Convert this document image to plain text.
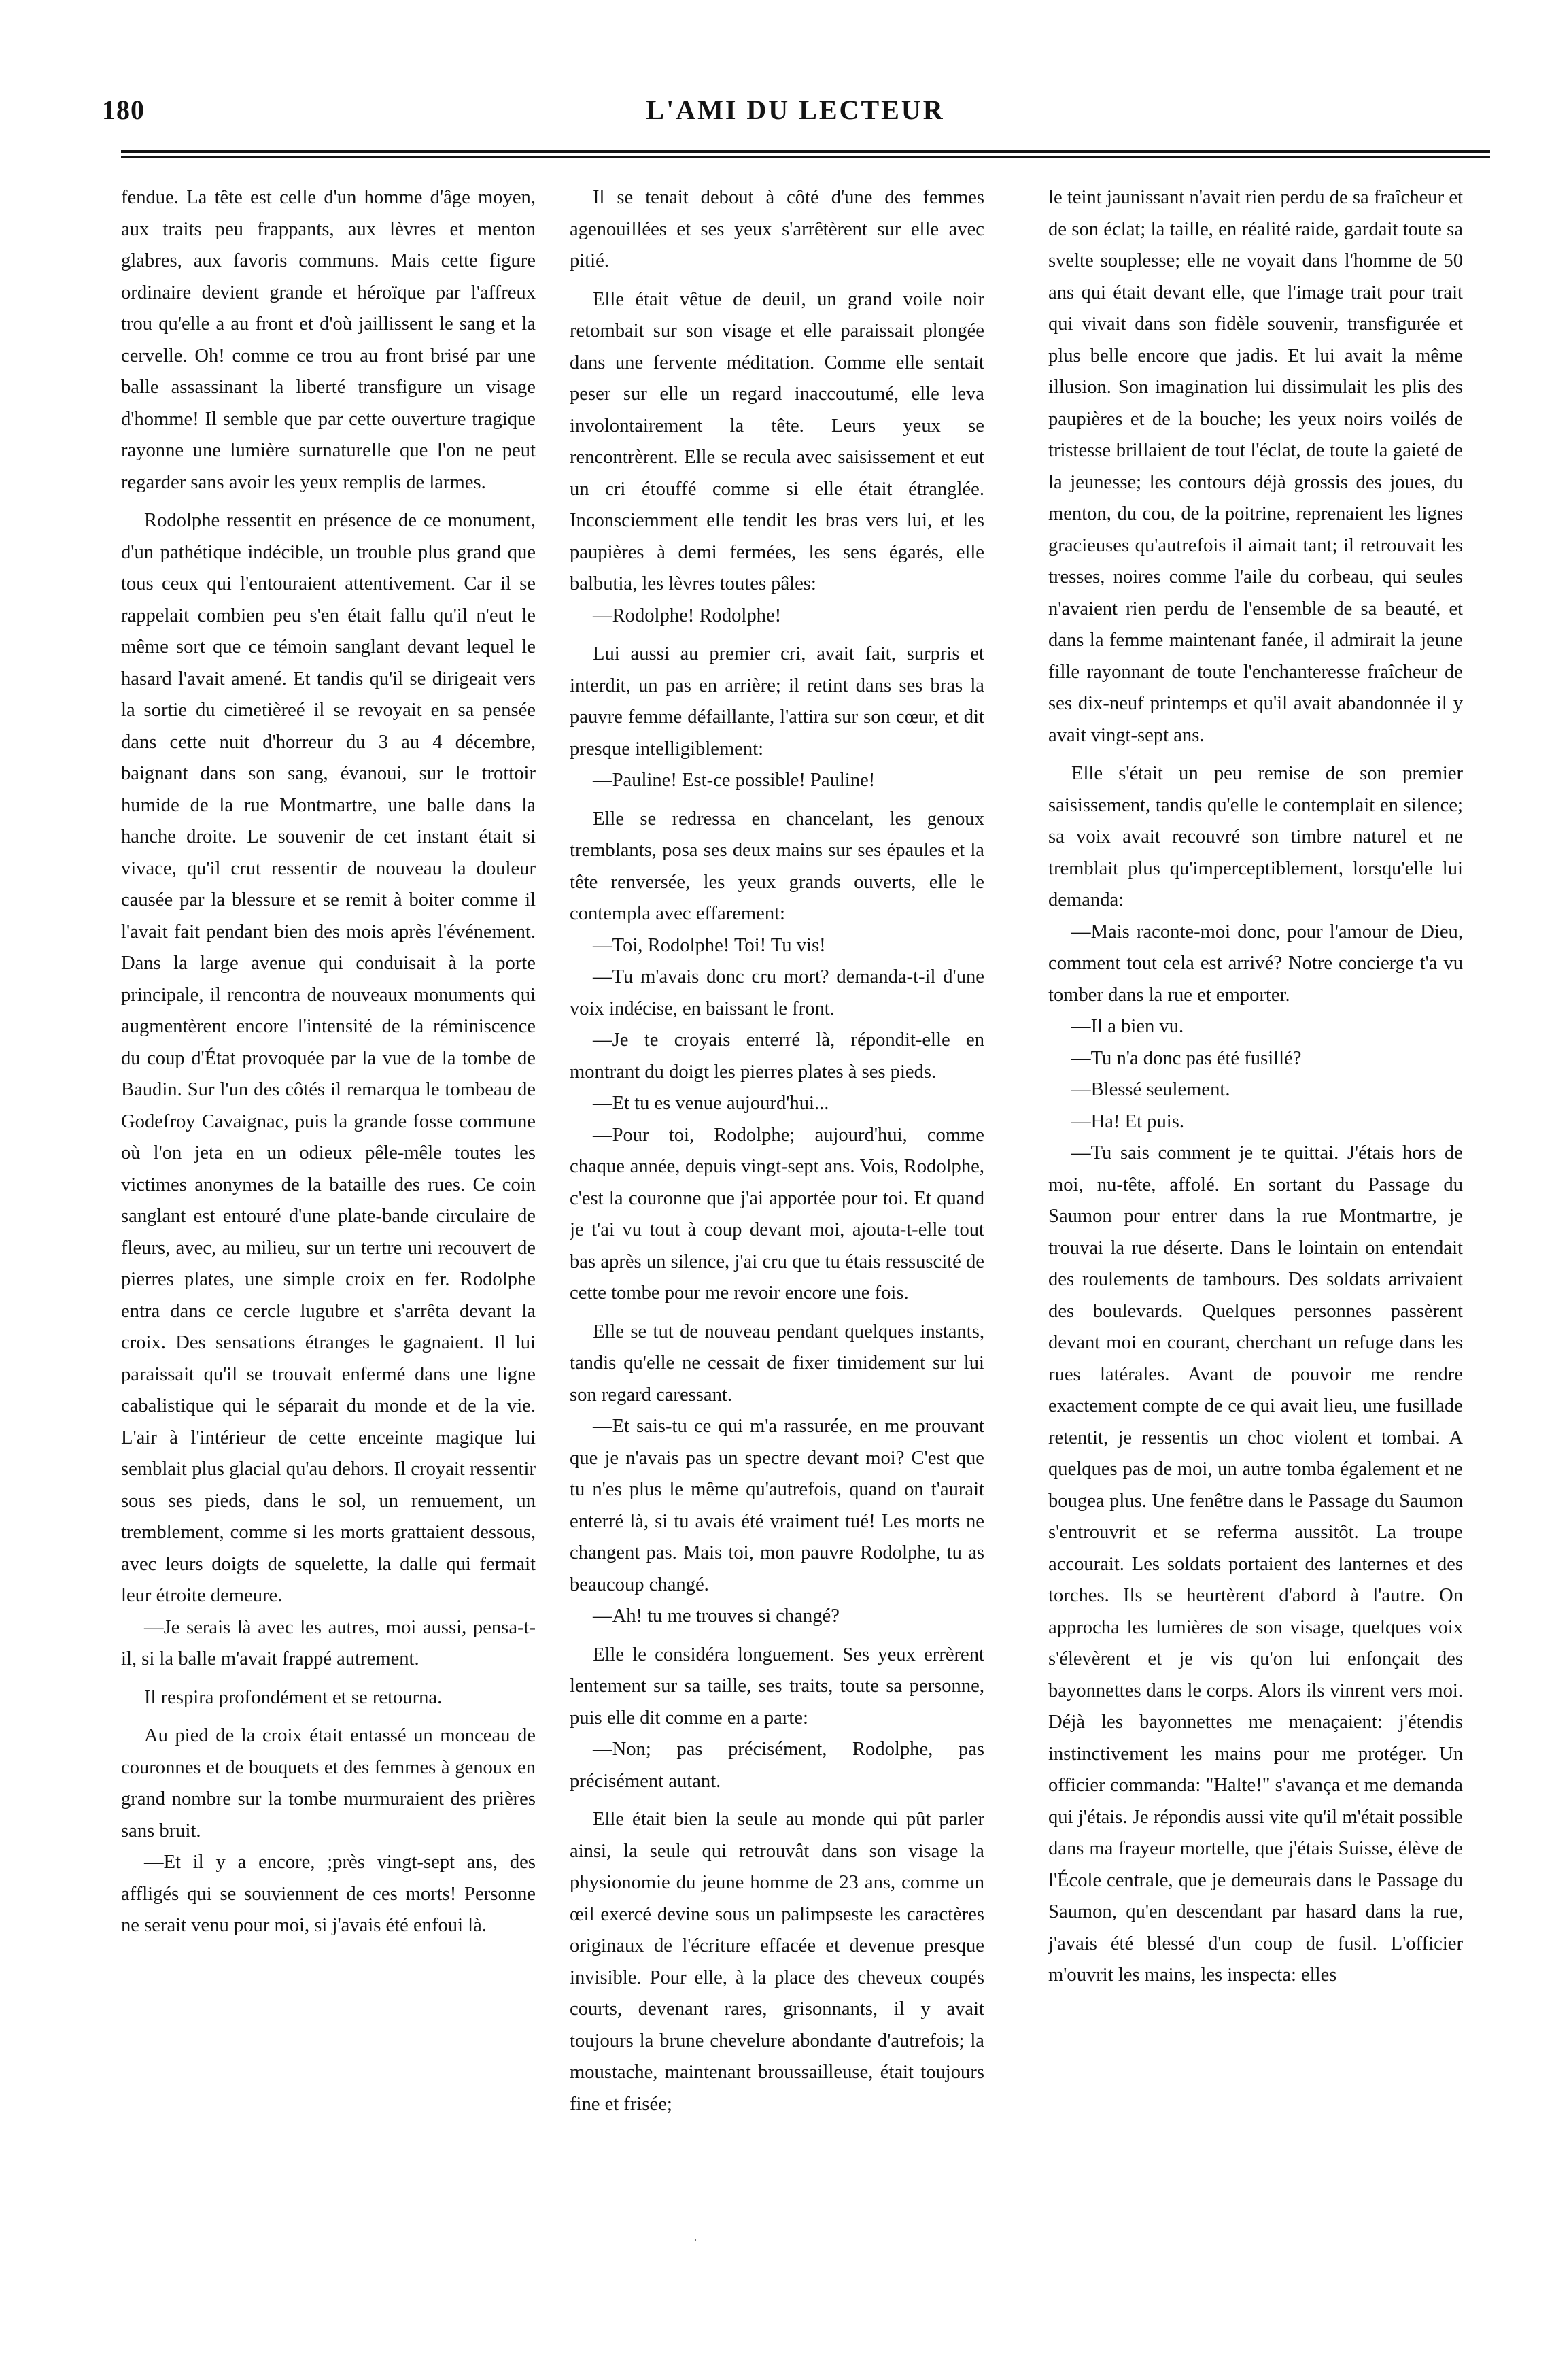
180	L'AMI DU LECTEUR

fendue. La tête est celle d'un homme d'âge moyen, aux traits peu frappants, aux lèvres et menton glabres, aux favoris communs. Mais cette figure ordinaire devient grande et héroïque par l'affreux trou qu'elle a au front et d'où jaillissent le sang et la cervelle. Oh! comme ce trou au front brisé par une balle assassinant la liberté transfigure un visage d'homme! Il semble que par cette ouverture tragique rayonne une lumière surnaturelle que l'on ne peut regarder sans avoir les yeux remplis de larmes.

Rodolphe ressentit en présence de ce monument, d'un pathétique indécible, un trouble plus grand que tous ceux qui l'entouraient attentivement. Car il se rappelait combien peu s'en était fallu qu'il n'eut le même sort que ce témoin sanglant devant lequel le hasard l'avait amené. Et tandis qu'il se dirigeait vers la sortie du cimetièreé il se revoyait en sa pensée dans cette nuit d'horreur du 3 au 4 décembre, baignant dans son sang, évanoui, sur le trottoir humide de la rue Montmartre, une balle dans la hanche droite. Le souvenir de cet instant était si vivace, qu'il crut ressentir de nouveau la douleur causée par la blessure et se remit à boiter comme il l'avait fait pendant bien des mois après l'événement. Dans la large avenue qui conduisait à la porte principale, il rencontra de nouveaux monuments qui augmentèrent encore l'intensité de la réminiscence du coup d'État provoquée par la vue de la tombe de Baudin. Sur l'un des côtés il remarqua le tombeau de Godefroy Cavaignac, puis la grande fosse commune où l'on jeta en un odieux pêle-mêle toutes les victimes anonymes de la bataille des rues. Ce coin sanglant est entouré d'une plate-bande circulaire de fleurs, avec, au milieu, sur un tertre uni recouvert de pierres plates, une simple croix en fer. Rodolphe entra dans ce cercle lugubre et s'arrêta devant la croix. Des sensations étranges le gagnaient. Il lui paraissait qu'il se trouvait enfermé dans une ligne cabalistique qui le séparait du monde et de la vie. L'air à l'intérieur de cette enceinte magique lui semblait plus glacial qu'au dehors. Il croyait ressentir sous ses pieds, dans le sol, un remuement, un tremblement, comme si les morts grattaient dessous, avec leurs doigts de squelette, la dalle qui fermait leur étroite demeure.

—Je serais là avec les autres, moi aussi, pensa-t-il, si la balle m'avait frappé autrement.

Il respira profondément et se retourna.

Au pied de la croix était entassé un monceau de couronnes et de bouquets et des femmes à genoux en grand nombre sur la tombe murmuraient des prières sans bruit.

—Et il y a encore, ;près vingt-sept ans, des affligés qui se souviennent de ces morts! Personne ne serait venu pour moi, si j'avais été enfoui là.

Il se tenait debout à côté d'une des femmes agenouillées et ses yeux s'arrêtèrent sur elle avec pitié.

Elle était vêtue de deuil, un grand voile noir retombait sur son visage et elle paraissait plongée dans une fervente méditation. Comme elle sentait peser sur elle un regard inaccoutumé, elle leva involontairement la tête. Leurs yeux se rencontrèrent. Elle se recula avec saisissement et eut un cri étouffé comme si elle était étranglée. Inconsciemment elle tendit les bras vers lui, et les paupières à demi fermées, les sens égarés, elle balbutia, les lèvres toutes pâles:

—Rodolphe! Rodolphe!

Lui aussi au premier cri, avait fait, surpris et interdit, un pas en arrière; il retint dans ses bras la pauvre femme défaillante, l'attira sur son cœur, et dit presque intelligiblement:

—Pauline! Est-ce possible! Pauline!

Elle se redressa en chancelant, les genoux tremblants, posa ses deux mains sur ses épaules et la tête renversée, les yeux grands ouverts, elle le contempla avec effarement:

—Toi, Rodolphe! Toi! Tu vis!

—Tu m'avais donc cru mort? demanda-t-il d'une voix indécise, en baissant le front.

—Je te croyais enterré là, répondit-elle en montrant du doigt les pierres plates à ses pieds.

—Et tu es venue aujourd'hui...

—Pour toi, Rodolphe; aujourd'hui, comme chaque année, depuis vingt-sept ans. Vois, Rodolphe, c'est la couronne que j'ai apportée pour toi. Et quand je t'ai vu tout à coup devant moi, ajouta-t-elle tout bas après un silence, j'ai cru que tu étais ressuscité de cette tombe pour me revoir encore une fois.

Elle se tut de nouveau pendant quelques instants, tandis qu'elle ne cessait de fixer timidement sur lui son regard caressant.

—Et sais-tu ce qui m'a rassurée, en me prouvant que je n'avais pas un spectre devant moi? C'est que tu n'es plus le même qu'autrefois, quand on t'aurait enterré là, si tu avais été vraiment tué! Les morts ne changent pas. Mais toi, mon pauvre Rodolphe, tu as beaucoup changé.

—Ah! tu me trouves si changé?

Elle le considéra longuement. Ses yeux errèrent lentement sur sa taille, ses traits, toute sa personne, puis elle dit comme en a parte:

—Non; pas précisément, Rodolphe, pas précisément autant.

Elle était bien la seule au monde qui pût parler ainsi, la seule qui retrouvât dans son visage la physionomie du jeune homme de 23 ans, comme un œil exercé devine sous un palimpseste les caractères originaux de l'écriture effacée et devenue presque invisible. Pour elle, à la place des cheveux coupés courts, devenant rares, grisonnants, il y avait toujours la brune chevelure abondante d'autrefois; la moustache, maintenant broussailleuse, était toujours fine et frisée;

le teint jaunissant n'avait rien perdu de sa fraîcheur et de son éclat; la taille, en réalité raide, gardait toute sa svelte souplesse; elle ne voyait dans l'homme de 50 ans qui était devant elle, que l'image trait pour trait qui vivait dans son fidèle souvenir, transfigurée et plus belle encore que jadis. Et lui avait la même illusion. Son imagination lui dissimulait les plis des paupières et de la bouche; les yeux noirs voilés de tristesse brillaient de tout l'éclat, de toute la gaieté de la jeunesse; les contours déjà grossis des joues, du menton, du cou, de la poitrine, reprenaient les lignes gracieuses qu'autrefois il aimait tant; il retrouvait les tresses, noires comme l'aile du corbeau, qui seules n'avaient rien perdu de l'ensemble de sa beauté, et dans la femme maintenant fanée, il admirait la jeune fille rayonnant de toute l'enchanteresse fraîcheur de ses dix-neuf printemps et qu'il avait abandonnée il y avait vingt-sept ans.

Elle s'était un peu remise de son premier saisissement, tandis qu'elle le contemplait en silence; sa voix avait recouvré son timbre naturel et ne tremblait plus qu'imperceptiblement, lorsqu'elle lui demanda:

—Mais raconte-moi donc, pour l'amour de Dieu, comment tout cela est arrivé? Notre concierge t'a vu tomber dans la rue et emporter.

—Il a bien vu.

—Tu n'a donc pas été fusillé?

—Blessé seulement.

—Ha! Et puis.

—Tu sais comment je te quittai. J'étais hors de moi, nu-tête, affolé. En sortant du Passage du Saumon pour entrer dans la rue Montmartre, je trouvai la rue déserte. Dans le lointain on entendait des roulements de tambours. Des soldats arrivaient des boulevards. Quelques personnes passèrent devant moi en courant, cherchant un refuge dans les rues latérales. Avant de pouvoir me rendre exactement compte de ce qui avait lieu, une fusillade retentit, je ressentis un choc violent et tombai. A quelques pas de moi, un autre tomba également et ne bougea plus. Une fenêtre dans le Passage du Saumon s'entrouvrit et se referma aussitôt. La troupe accourait. Les soldats portaient des lanternes et des torches. Ils se heurtèrent d'abord à l'autre. On approcha les lumières de son visage, quelques voix s'élevèrent et je vis qu'on lui enfonçait des bayonnettes dans le corps. Alors ils vinrent vers moi. Déjà les bayonnettes me menaçaient: j'étendis instinctivement les mains pour me protéger. Un officier commanda: "Halte!" s'avança et me demanda qui j'étais. Je répondis aussi vite qu'il m'était possible dans ma frayeur mortelle, que j'étais Suisse, élève de l'École centrale, que je demeurais dans le Passage du Saumon, qu'en descendant par hasard dans la rue, j'avais été blessé d'un coup de fusil. L'officier m'ouvrit les mains, les inspecta: elles

·
